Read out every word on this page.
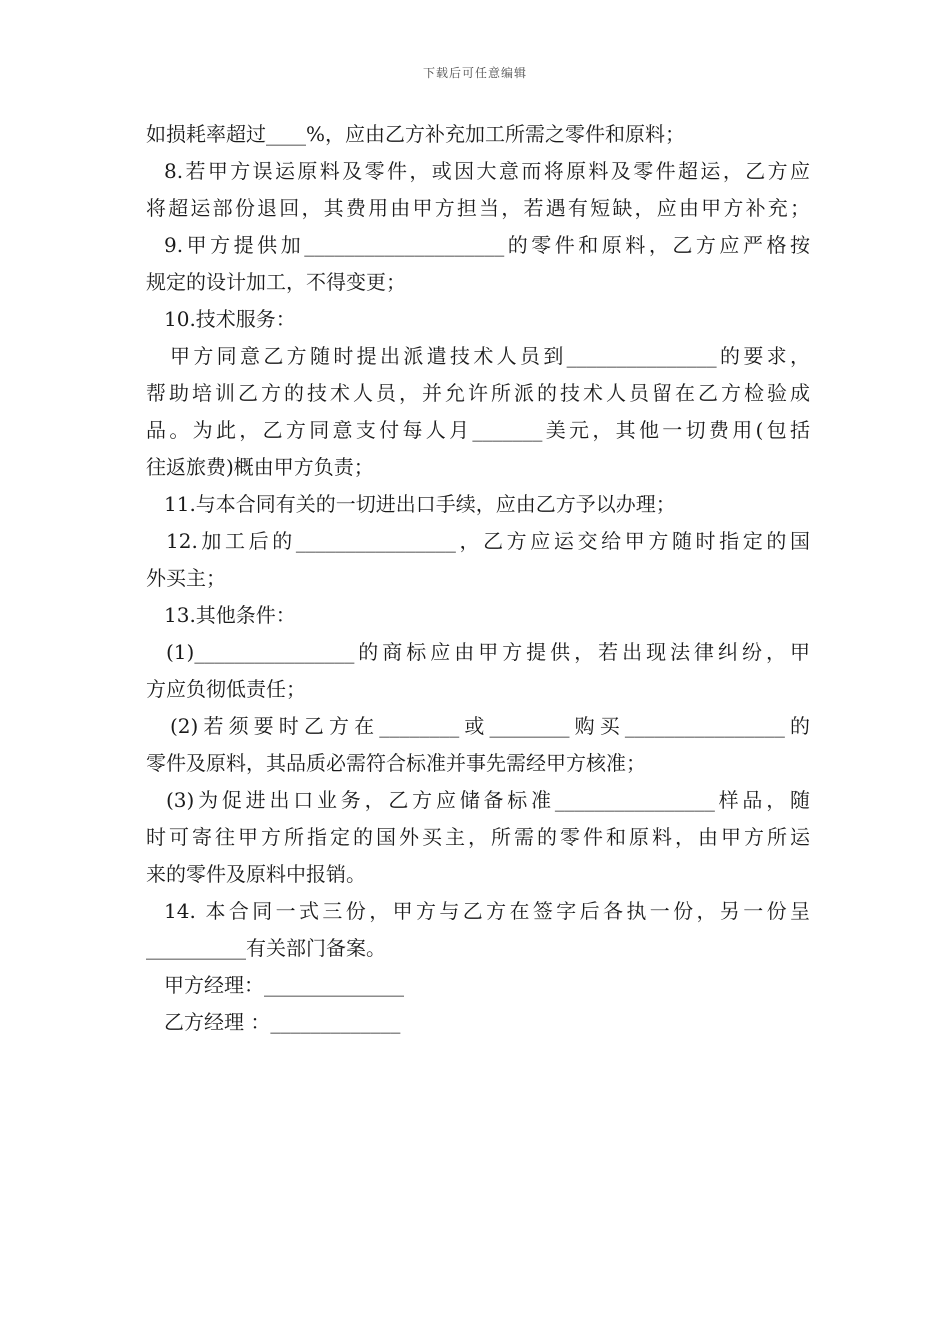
下载后可任意编辑
如损耗率超过____%，应由乙方补充加工所需之零件和原料；
8.若甲方误运原料及零件，或因大意而将原料及零件超运，乙方应
将超运部份退回，其费用由甲方担当，若遇有短缺，应由甲方补充；
9.甲方提供加____________________的零件和原料，乙方应严格按
规定的设计加工，不得变更；
10.技术服务：
甲方同意乙方随时提出派遣技术人员到_______________的要求，
帮助培训乙方的技术人员，并允许所派的技术人员留在乙方检验成
品。为此，乙方同意支付每人月_______美元，其他一切费用(包括
往返旅费)概由甲方负责；
11.与本合同有关的一切进出口手续，应由乙方予以办理；
12.加工后的________________，乙方应运交给甲方随时指定的国
外买主；
13.其他条件：
(1)________________的商标应由甲方提供，若出现法律纠纷，甲
方应负彻低责任；
(2)若须要时乙方在________或________购买________________的
零件及原料，其品质必需符合标准并事先需经甲方核准；
(3)为促进出口业务，乙方应储备标准________________样品，随
时可寄往甲方所指定的国外买主，所需的零件和原料，由甲方所运
来的零件及原料中报销。
14. 本合同一式三份，甲方与乙方在签字后各执一份，另一份呈
__________有关部门备案。
甲方经理：______________
乙方经理 ：_____________
